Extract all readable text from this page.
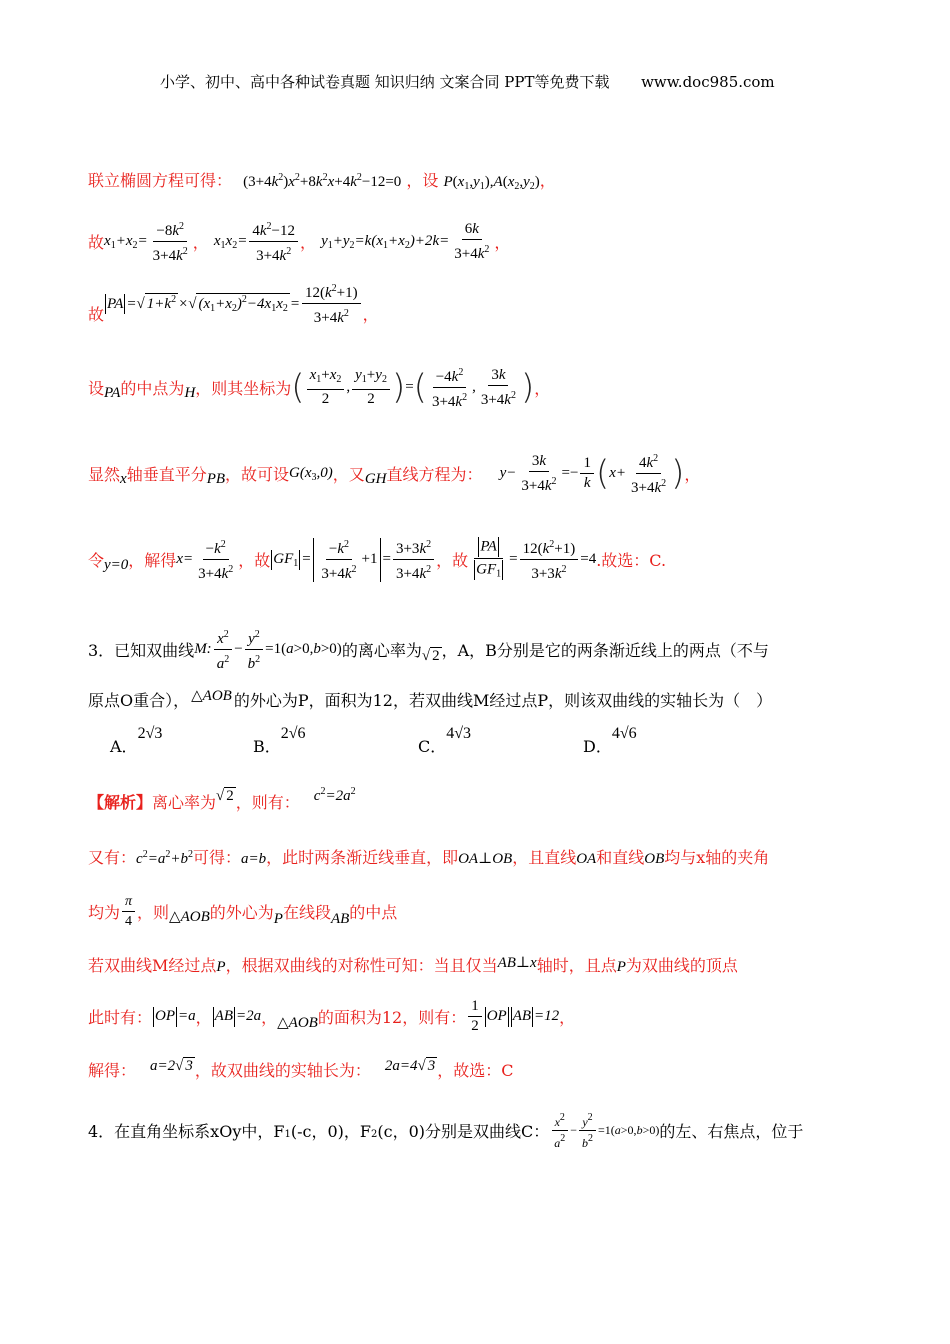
小学、初中、高中各种试卷真题 知识归纳 文案合同 PPT等免费下载 www.doc985.com
联立椭圆方程可得： $(3+4k^2)x^2+8k^2x+4k^2-12=0$ ，设 $P(x_1,y_1),A(x_2,y_2)$，
故$x_1+x_2= \frac{-8k^2}{3+4k^2}$ ， $x_1x_2= \frac{4k^2-12}{3+4k^2}$ ， $y_1+y_2=k(x_1+x_2)+2k= \frac{6k}{3+4k^2}$ ，
故PA =√ $1+k^2$ ×√ $(x_1+x_2)^2-4x_1x_2 = \frac{12(k^2+1)}{3+4k^2}$ ，
设PA的中点为H，则其坐标为( $\frac{x_1+x_2}{2}$ , $\frac{y_1+y_2}{2}$ )=( $\frac{-4k^2}{3+4k^2}$ , $\frac{3k}{3+4k^2}$ )，
显然x轴垂直平分PB，故可设$G(x_3,0)$，又GH直线方程为： $y- \frac{3k}{3+4k^2} =- \frac{1}{k} (x+ \frac{4k^2}{3+4k^2}$ )，
令y=0，解得$x= \frac{-k^2}{3+4k^2}$ ，故 $GF_1 = \frac{-k^2}{3+4k^2} +1 = \frac{3+3k^2}{3+4k^2}$ ，故 $\frac{PA}{GF_1} = \frac{12(k^2+1)}{3+3k^2} =4$.故选：C.
3．已知双曲线M: $\frac{x^2}{a^2} - \frac{y^2}{b^2} =1(a>0,b>0)$的离心率为√ 2 ，A，B分别是它的两条渐近线上的两点（不与
原点O重合）， △AOB 的外心为P，面积为12，若双曲线M经过点P，则该双曲线的实轴长为（　）
A．2√3
B．2√6
C．4√3
D．4√6
【解析】离心率为√ 2 ，则有： $c^2=2a^2$
又有：$c^2=a^2+b^2$可得：a=b，此时两条渐近线垂直，即OA⊥OB，且直线OA和直线OB均与x轴的夹角
均为 $\frac{\pi}{4}$ ，则△AOB的外心为P在线段AB的中点
若双曲线M经过点P，根据双曲线的对称性可知：当且仅当AB⊥x轴时，且点P为双曲线的顶点
此时有： OP =a， AB =2a，△AOB的面积为12，则有： $\frac{1}{2}$ OP AB =12，
解得： a=2√ 3 ，故双曲线的实轴长为： 2a=4√ 3 ，故选：C
4．在直角坐标系xOy中，$F_1(-c$，0)，$F_2(c$，0)分别是双曲线C： $\frac{x^2}{a^2} - \frac{y^2}{b^2} =1(a>0,b>0)$的左、右焦点，位于
